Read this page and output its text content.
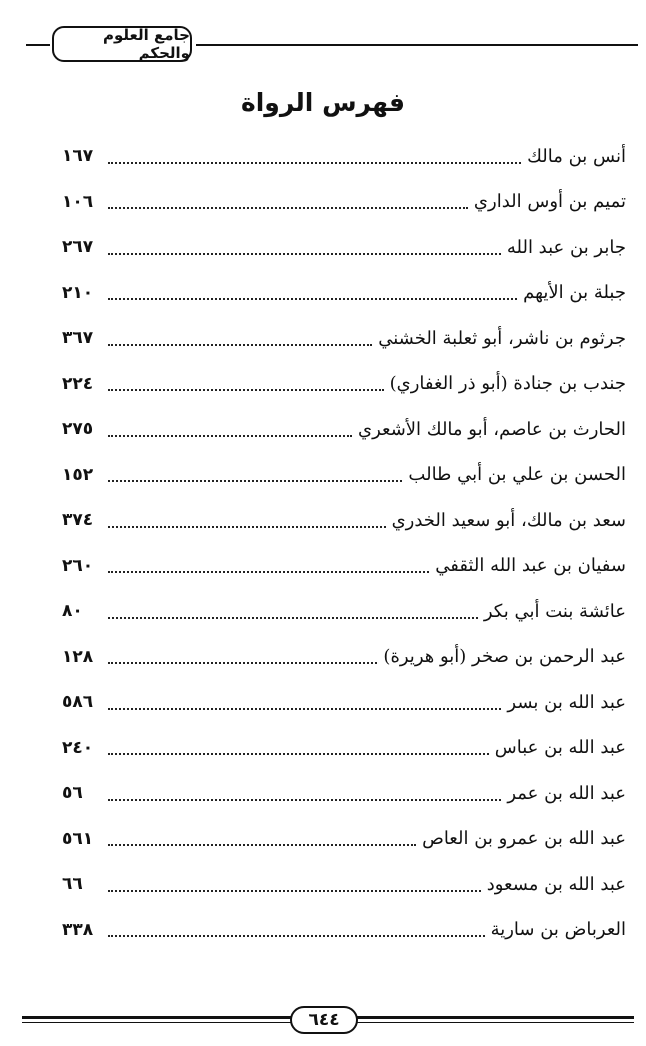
جامع العلوم والحكم
فهرس الرواة
أنس بن مالك
١٦٧
تميم بن أوس الداري
١٠٦
جابر بن عبد الله
٢٦٧
جبلة بن الأيهم
٢١٠
جرثوم بن ناشر، أبو ثعلبة الخشني
٣٦٧
جندب بن جنادة (أبو ذر الغفاري)
٢٢٤
الحارث بن عاصم، أبو مالك الأشعري
٢٧٥
الحسن بن علي بن أبي طالب
١٥٢
سعد بن مالك، أبو سعيد الخدري
٣٧٤
سفيان بن عبد الله الثقفي
٢٦٠
عائشة بنت أبي بكر
٨٠
عبد الرحمن بن صخر (أبو هريرة)
١٢٨
عبد الله بن بسر
٥٨٦
عبد الله بن عباس
٢٤٠
عبد الله بن عمر
٥٦
عبد الله بن عمرو بن العاص
٥٦١
عبد الله بن مسعود
٦٦
العرباض بن سارية
٣٣٨
٦٤٤
